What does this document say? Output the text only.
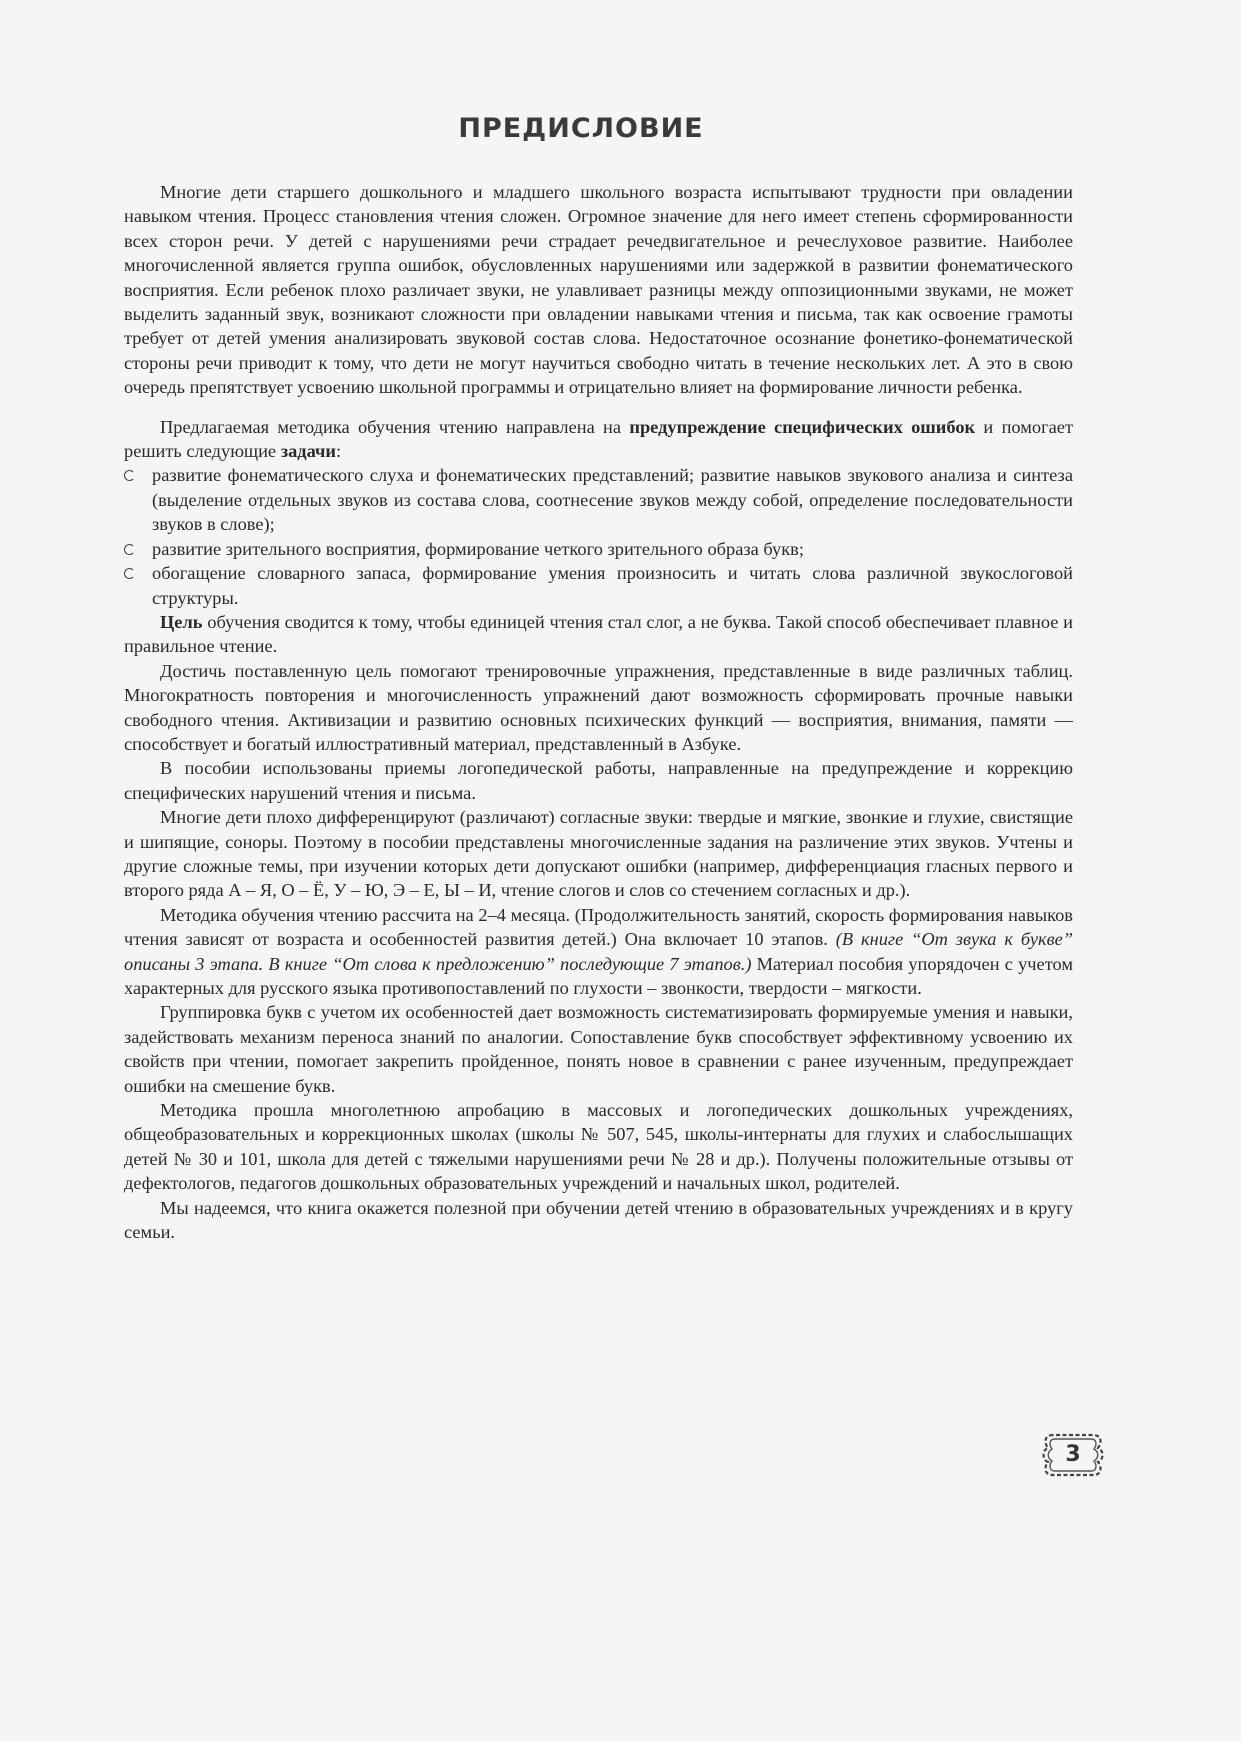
ПРЕДИСЛОВИЕ

Многие дети старшего дошкольного и младшего школьного возраста испытывают трудности при овладении навыком чтения. Процесс становления чтения сложен. Огромное значение для него имеет степень сформированности всех сторон речи. У детей с нарушениями речи страдает речедвигательное и речеслуховое развитие. Наиболее многочисленной является группа ошибок, обусловленных нарушениями или задержкой в развитии фонематического восприятия. Если ребенок плохо различает звуки, не улавливает разницы между оппозиционными звуками, не может выделить заданный звук, возникают сложности при овладении навыками чтения и письма, так как освоение грамоты требует от детей умения анализировать звуковой состав слова. Недостаточное осознание фонетико-фонематической стороны речи приводит к тому, что дети не могут научиться свободно читать в течение нескольких лет. А это в свою очередь препятствует усвоению школьной программы и отрицательно влияет на формирование личности ребенка.

Предлагаемая методика обучения чтению направлена на предупреждение специфических ошибок и помогает решить следующие задачи:

развитие фонематического слуха и фонематических представлений; развитие навыков звукового анализа и синтеза (выделение отдельных звуков из состава слова, соотнесение звуков между собой, определение последовательности звуков в слове);
развитие зрительного восприятия, формирование четкого зрительного образа букв;
обогащение словарного запаса, формирование умения произносить и читать слова различной звукослоговой структуры.

Цель обучения сводится к тому, чтобы единицей чтения стал слог, а не буква. Такой способ обеспечивает плавное и правильное чтение.

Достичь поставленную цель помогают тренировочные упражнения, представленные в виде различных таблиц. Многократность повторения и многочисленность упражнений дают возможность сформировать прочные навыки свободного чтения. Активизации и развитию основных психических функций — восприятия, внимания, памяти — способствует и богатый иллюстративный материал, представленный в Азбуке.

В пособии использованы приемы логопедической работы, направленные на предупреждение и коррекцию специфических нарушений чтения и письма.

Многие дети плохо дифференцируют (различают) согласные звуки: твердые и мягкие, звонкие и глухие, свистящие и шипящие, соноры. Поэтому в пособии представлены многочисленные задания на различение этих звуков. Учтены и другие сложные темы, при изучении которых дети допускают ошибки (например, дифференциация гласных первого и второго ряда А – Я, О – Ё, У – Ю, Э – Е, Ы – И, чтение слогов и слов со стечением согласных и др.).

Методика обучения чтению рассчита на 2–4 месяца. (Продолжительность занятий, скорость формирования навыков чтения зависят от возраста и особенностей развития детей.) Она включает 10 этапов. (В книге “От звука к букве” описаны 3 этапа. В книге “От слова к предложению” последующие 7 этапов.) Материал пособия упорядочен с учетом характерных для русского языка противопоставлений по глухости – звонкости, твердости – мягкости.

Группировка букв с учетом их особенностей дает возможность систематизировать формируемые умения и навыки, задействовать механизм переноса знаний по аналогии. Сопоставление букв способствует эффективному усвоению их свойств при чтении, помогает закрепить пройденное, понять новое в сравнении с ранее изученным, предупреждает ошибки на смешение букв.

Методика прошла многолетнюю апробацию в массовых и логопедических дошкольных учреждениях, общеобразовательных и коррекционных школах (школы № 507, 545, школы-интернаты для глухих и слабослышащих детей № 30 и 101, школа для детей с тяжелыми нарушениями речи № 28 и др.). Получены положительные отзывы от дефектологов, педагогов дошкольных образовательных учреждений и начальных школ, родителей.

Мы надеемся, что книга окажется полезной при обучении детей чтению в образовательных учреждениях и в кругу семьи.

3
